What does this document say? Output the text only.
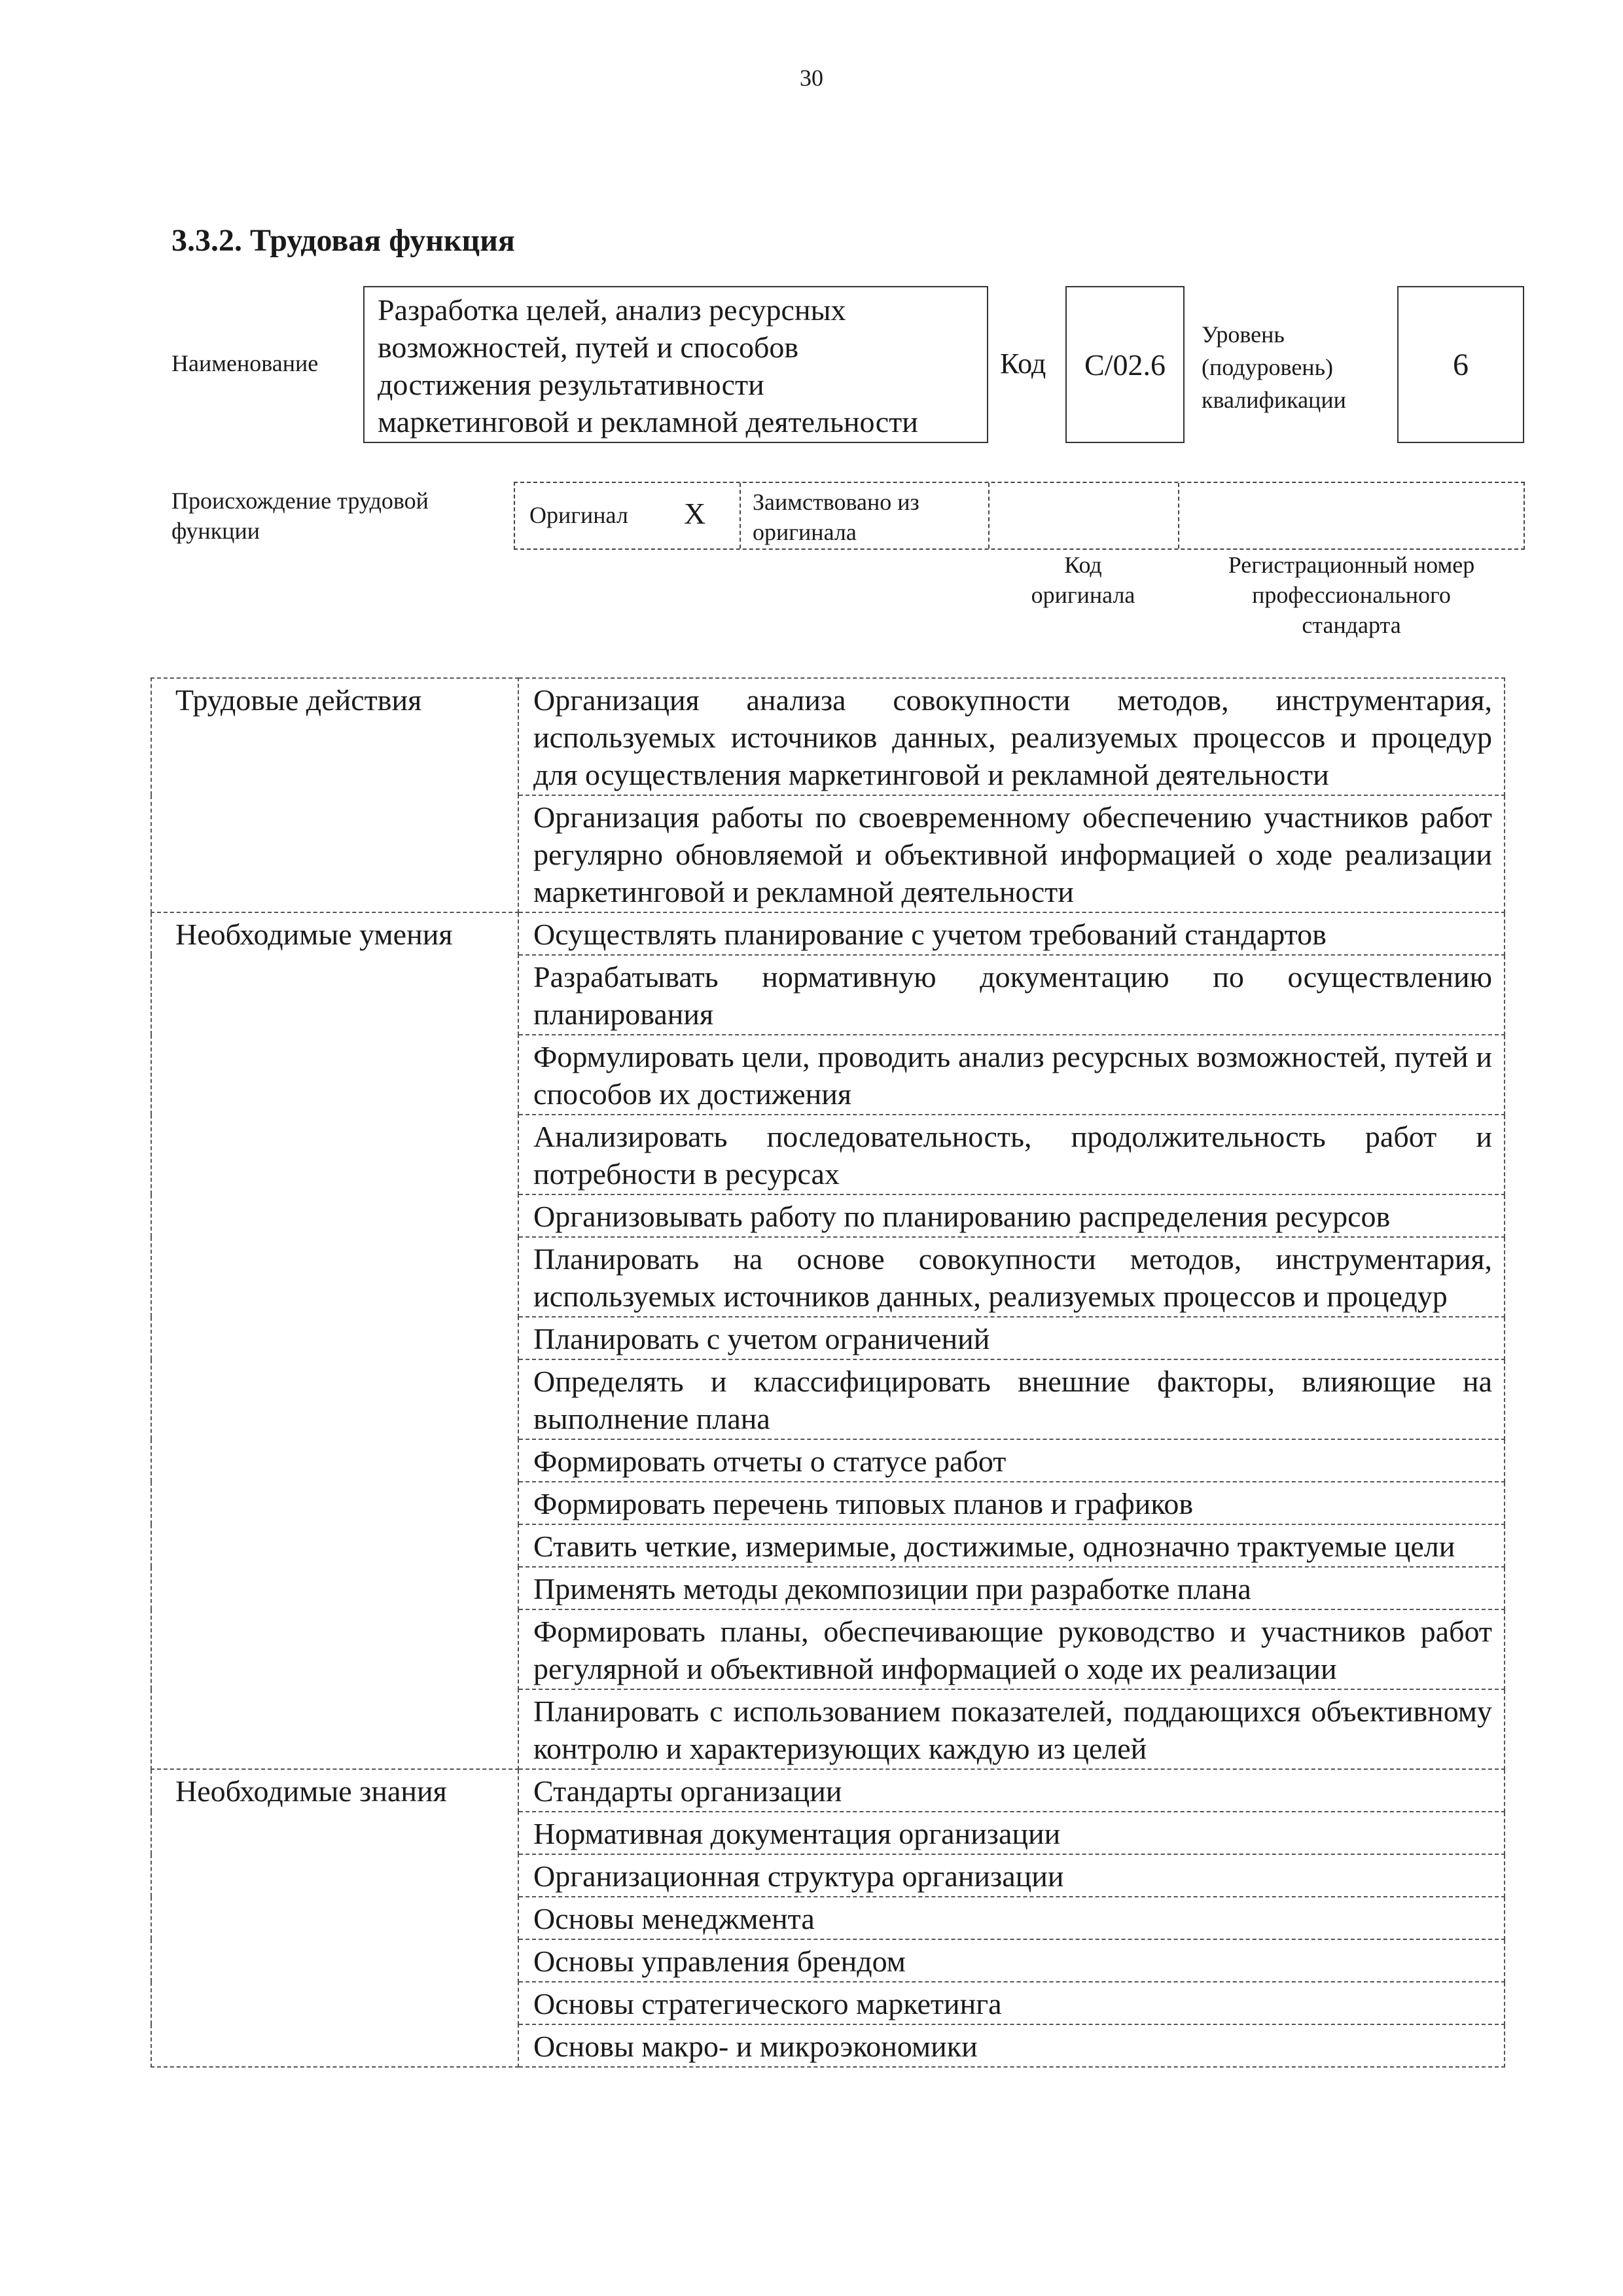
30
3.3.2. Трудовая функция
Наименование
Разработка целей, анализ ресурсных
возможностей, путей и способов
достижения результативности
маркетинговой и рекламной деятельности
Код	С/02.6
Уровень
(подуровень)
квалификации
6
Происхождение трудовой
функции
Оригинал X Заимствовано из
оригинала
Код
оригинала
Регистрационный номер
профессионального
стандарта
Трудовые действия	Организация анализа совокупности методов, инструментария, используемых источников данных, реализуемых процессов и процедур для осуществления маркетинговой и рекламной деятельности
	Организация работы по своевременному обеспечению участников работ регулярно обновляемой и объективной информацией о ходе реализации маркетинговой и рекламной деятельности
Необходимые умения	Осуществлять планирование с учетом требований стандартов
	Разрабатывать нормативную документацию по осуществлению планирования
	Формулировать цели, проводить анализ ресурсных возможностей, путей и способов их достижения
	Анализировать последовательность, продолжительность работ и потребности в ресурсах
	Организовывать работу по планированию распределения ресурсов
	Планировать на основе совокупности методов, инструментария, используемых источников данных, реализуемых процессов и процедур
	Планировать с учетом ограничений
	Определять и классифицировать внешние факторы, влияющие на выполнение плана
	Формировать отчеты о статусе работ
	Формировать перечень типовых планов и графиков
	Ставить четкие, измеримые, достижимые, однозначно трактуемые цели
	Применять методы декомпозиции при разработке плана
	Формировать планы, обеспечивающие руководство и участников работ регулярной и объективной информацией о ходе их реализации
	Планировать с использованием показателей, поддающихся объективному контролю и характеризующих каждую из целей
Необходимые знания	Стандарты организации
	Нормативная документация организации
	Организационная структура организации
	Основы менеджмента
	Основы управления брендом
	Основы стратегического маркетинга
	Основы макро- и микроэкономики
